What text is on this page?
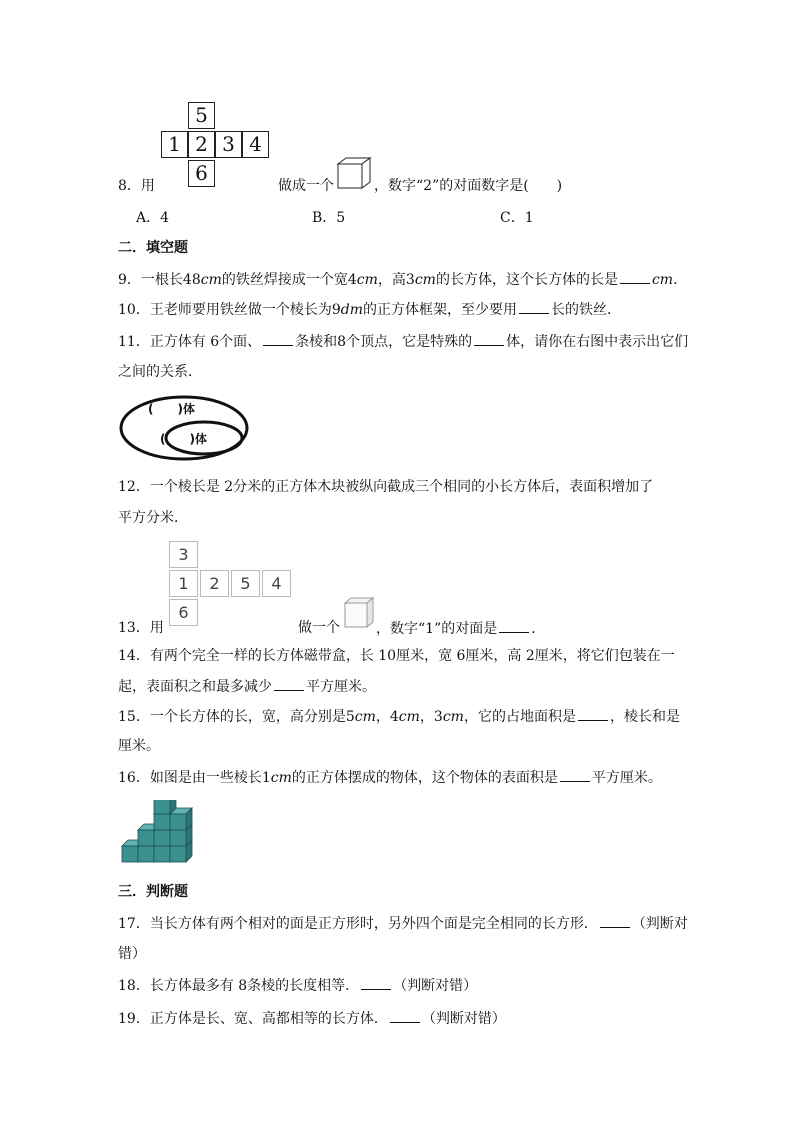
5
1 2 3 4
6
8．用	做成一个	，数字“2”的对面数字是(　　)
A．4	B．5	C．1
二．填空题
9．一根长48cm的铁丝焊接成一个宽4cm，高3cm的长方体，这个长方体的长是 cm．
10．王老师要用铁丝做一个棱长为9dm的正方体框架，至少要用 长的铁丝．
11．正方体有 6个面、 条棱和8个顶点，它是特殊的 体，请你在右图中表示出它们
之间的关系．
(　　)体
(　　)体
12．一个棱长是 2分米的正方体木块被纵向截成三个相同的小长方体后，表面积增加了
平方分米．
3
1	2	5	4
6
13．用	做一个	，数字“1”的对面是 ．
14．有两个完全一样的长方体磁带盒，长 10厘米，宽 6厘米，高 2厘米，将它们包装在一
起，表面积之和最多减少 平方厘米。
15．一个长方体的长，宽，高分别是5cm，4cm，3cm，它的占地面积是 ，棱长和是
厘米。
16．如图是由一些棱长1cm的正方体摆成的物体，这个物体的表面积是 平方厘米。
三．判断题
17．当长方体有两个相对的面是正方形时，另外四个面是完全相同的长方形． （判断对
错）
18．长方体最多有 8条棱的长度相等． （判断对错）
19．正方体是长、宽、高都相等的长方体． （判断对错）
